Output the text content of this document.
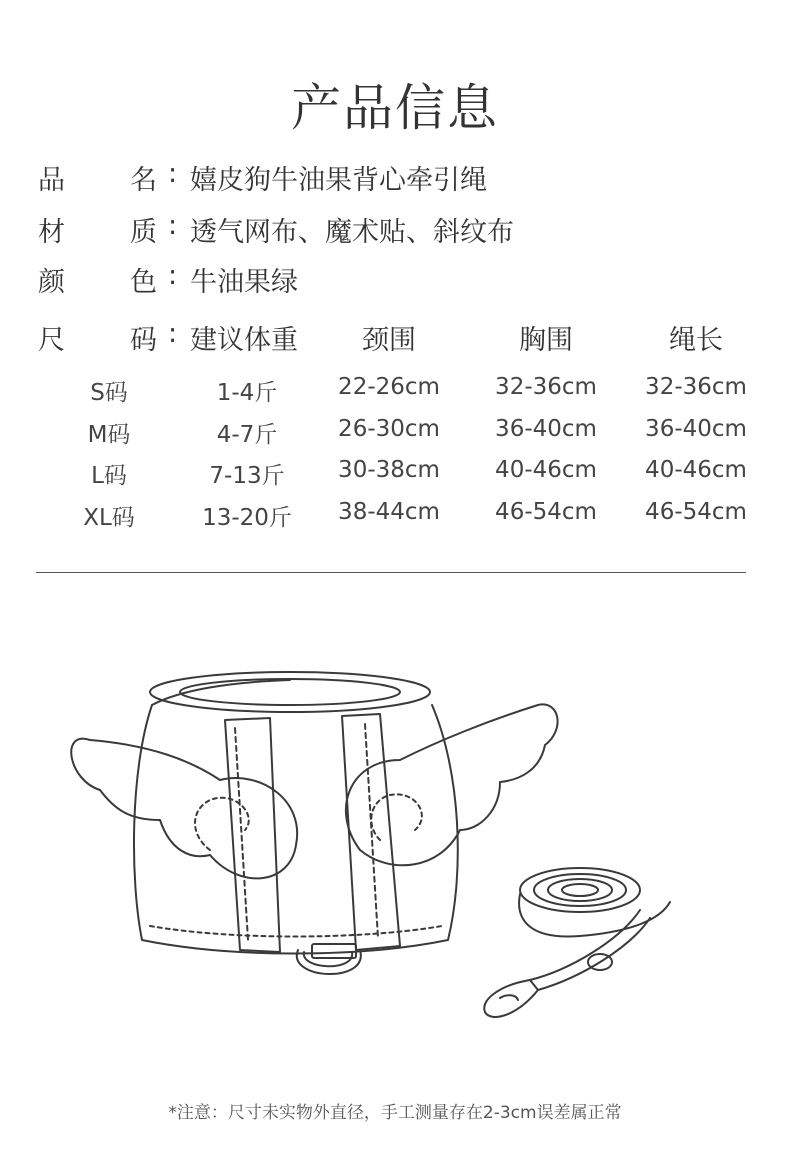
产品信息
品	名 : 嬉皮狗牛油果背心牵引绳
材	质 : 透气网布、魔术贴、斜纹布
颜	色 : 牛油果绿
尺	码 : 建议体重 颈围	胸围	绳长
S码	1-4斤	22-26cm 32-36cm 32-36cm
M码	4-7斤	26-30cm 36-40cm 36-40cm
L码	7-13斤 30-38cm 40-46cm 40-46cm
XL码	13-20斤 38-44cm 46-54cm 46-54cm
*注意：尺寸未实物外直径，手工测量存在2-3cm误差属正常
